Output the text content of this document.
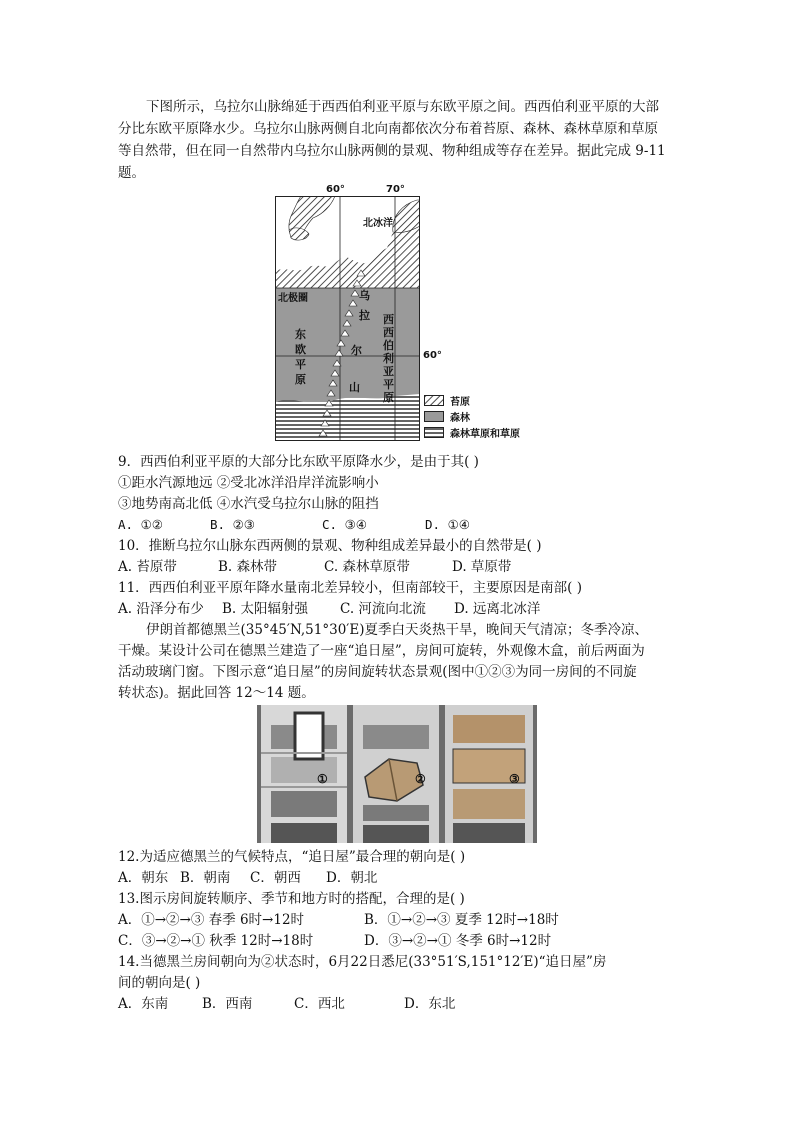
下图所示，乌拉尔山脉绵延于西西伯利亚平原与东欧平原之间。西西伯利亚平原的大部
分比东欧平原降水少。乌拉尔山脉两侧自北向南都依次分布着苔原、森林、森林草原和草原
等自然带，但在同一自然带内乌拉尔山脉两侧的景观、物种组成等存在差异。据此完成 9-11
题。
北冰洋
北极圈
东
欧
平
原
乌
拉
尔
山
西
西
伯
利
亚
平
原
60°	70°
60°
苔原
森林
森林草原和草原
9．西西伯利亚平原的大部分比东欧平原降水少，是由于其( )
①距水汽源地远 ②受北冰洋沿岸洋流影响小
③地势南高北低 ④水汽受乌拉尔山脉的阻挡
A. ①②	B. ②③	C. ③④	D. ①④
10．推断乌拉尔山脉东西两侧的景观、物种组成差异最小的自然带是( )
A. 苔原带	B. 森林带	C. 森林草原带	D. 草原带
11．西西伯利亚平原年降水量南北差异较小，但南部较干，主要原因是南部( )
A. 沿泽分布少 B. 太阳辐射强 C. 河流向北流 D. 远离北冰洋
伊朗首都德黑兰(35°45′N,51°30′E)夏季白天炎热干旱，晚间天气清凉；冬季冷凉、
干燥。某设计公司在德黑兰建造了一座“追日屋”，房间可旋转，外观像木盒，前后两面为
活动玻璃门窗。下图示意“追日屋”的房间旋转状态景观(图中①②③为同一房间的不同旋
转状态)。据此回答 12～14 题。
①	②	③
12.为适应德黑兰的气候特点，“追日屋”最合理的朝向是( )
A．朝东 B．朝南 C．朝西 D．朝北
13.图示房间旋转顺序、季节和地方时的搭配，合理的是( )
A．①→②→③ 春季 6时→12时	B．①→②→③ 夏季 12时→18时
C．③→②→① 秋季 12时→18时	D．③→②→① 冬季 6时→12时
14.当德黑兰房间朝向为②状态时，6月22日悉尼(33°51′S,151°12′E)“追日屋”房
间的朝向是( )
A．东南	B．西南	C．西北	D．东北
